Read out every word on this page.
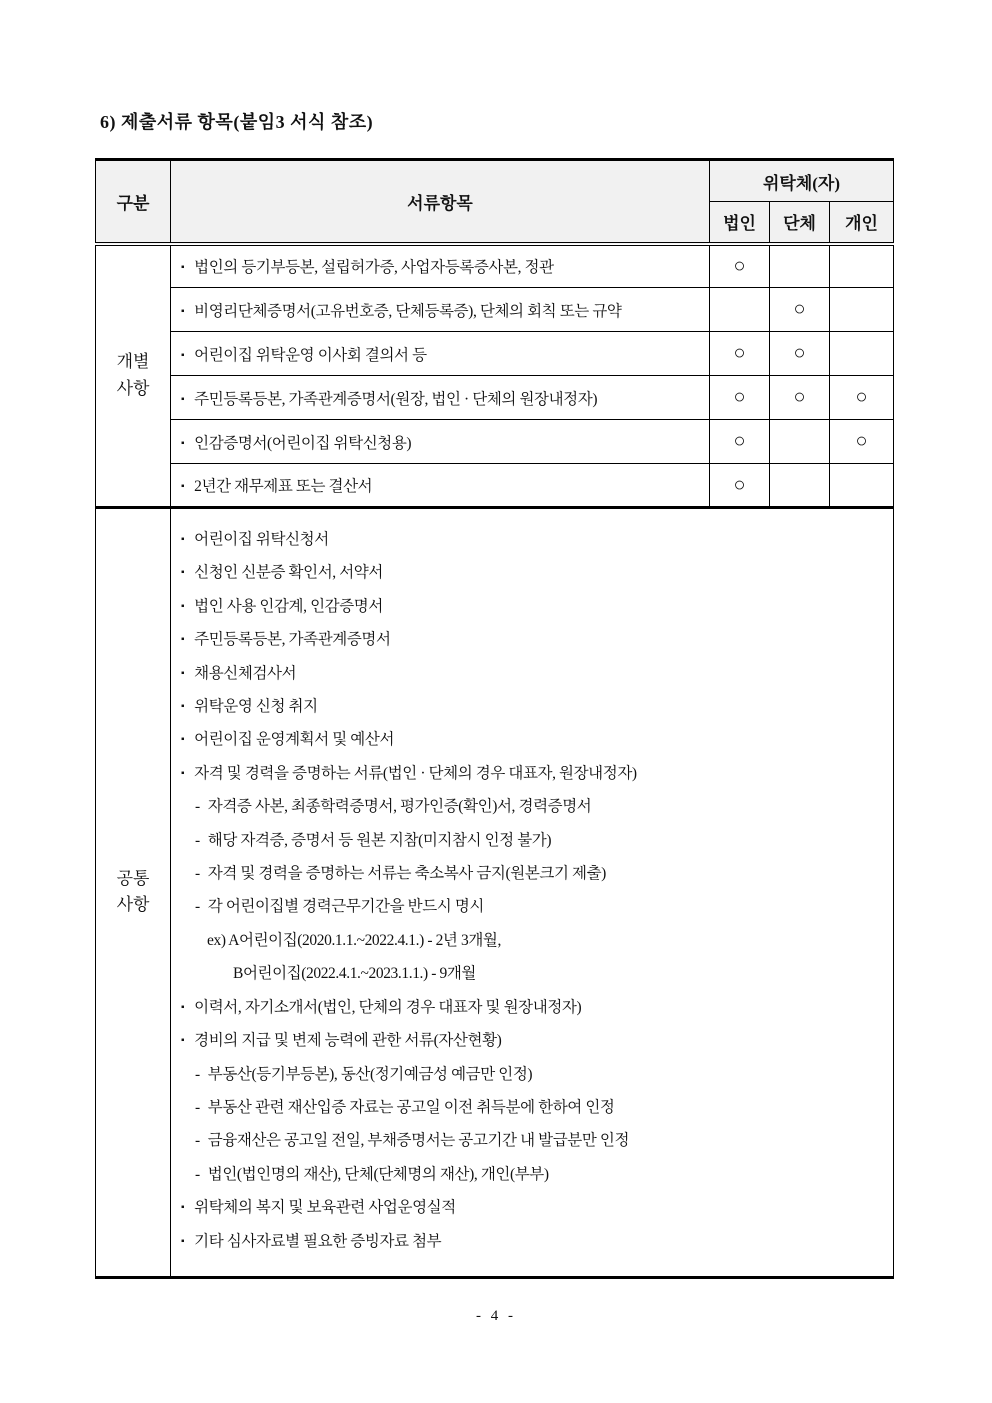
6) 제출서류 항목(붙임3 서식 참조)
구분	서류항목	위탁체(자)		
		법인	단체	개인
개별사항	▪ 법인의 등기부등본, 설립허가증, 사업자등록증사본, 정관	○		
	▪ 비영리단체증명서(고유번호증, 단체등록증), 단체의 회칙 또는 규약		○	
	▪ 어린이집 위탁운영 이사회 결의서 등	○	○	
	▪ 주민등록등본, 가족관계증명서(원장, 법인 · 단체의 원장내정자)	○	○	○
	▪ 인감증명서(어린이집 위탁신청용)	○		○
	▪ 2년간 재무제표 또는 결산서	○		
공통사항	
▪ 어린이집 위탁신청서
▪ 신청인 신분증 확인서, 서약서
▪ 법인 사용 인감계, 인감증명서
▪ 주민등록등본, 가족관계증명서
▪ 채용신체검사서
▪ 위탁운영 신청 취지
▪ 어린이집 운영계획서 및 예산서
▪ 자격 및 경력을 증명하는 서류(법인 · 단체의 경우 대표자, 원장내정자)
- 자격증 사본, 최종학력증명서, 평가인증(확인)서, 경력증명서
- 해당 자격증, 증명서 등 원본 지참(미지참시 인정 불가)
- 자격 및 경력을 증명하는 서류는 축소복사 금지(원본크기 제출)
- 각 어린이집별 경력근무기간을 반드시 명시
ex) A어린이집(2020.1.1.~2022.4.1.) - 2년 3개월,
B어린이집(2022.4.1.~2023.1.1.) - 9개월
▪ 이력서, 자기소개서(법인, 단체의 경우 대표자 및 원장내정자)
▪ 경비의 지급 및 변제 능력에 관한 서류(자산현황)
- 부동산(등기부등본), 동산(정기예금성 예금만 인정)
- 부동산 관련 재산입증 자료는 공고일 이전 취득분에 한하여 인정
- 금융재산은 공고일 전일, 부채증명서는 공고기간 내 발급분만 인정
- 법인(법인명의 재산), 단체(단체명의 재산), 개인(부부)
▪ 위탁체의 복지 및 보육관련 사업운영실적
▪ 기타 심사자료별 필요한 증빙자료 첨부
- 4 -
